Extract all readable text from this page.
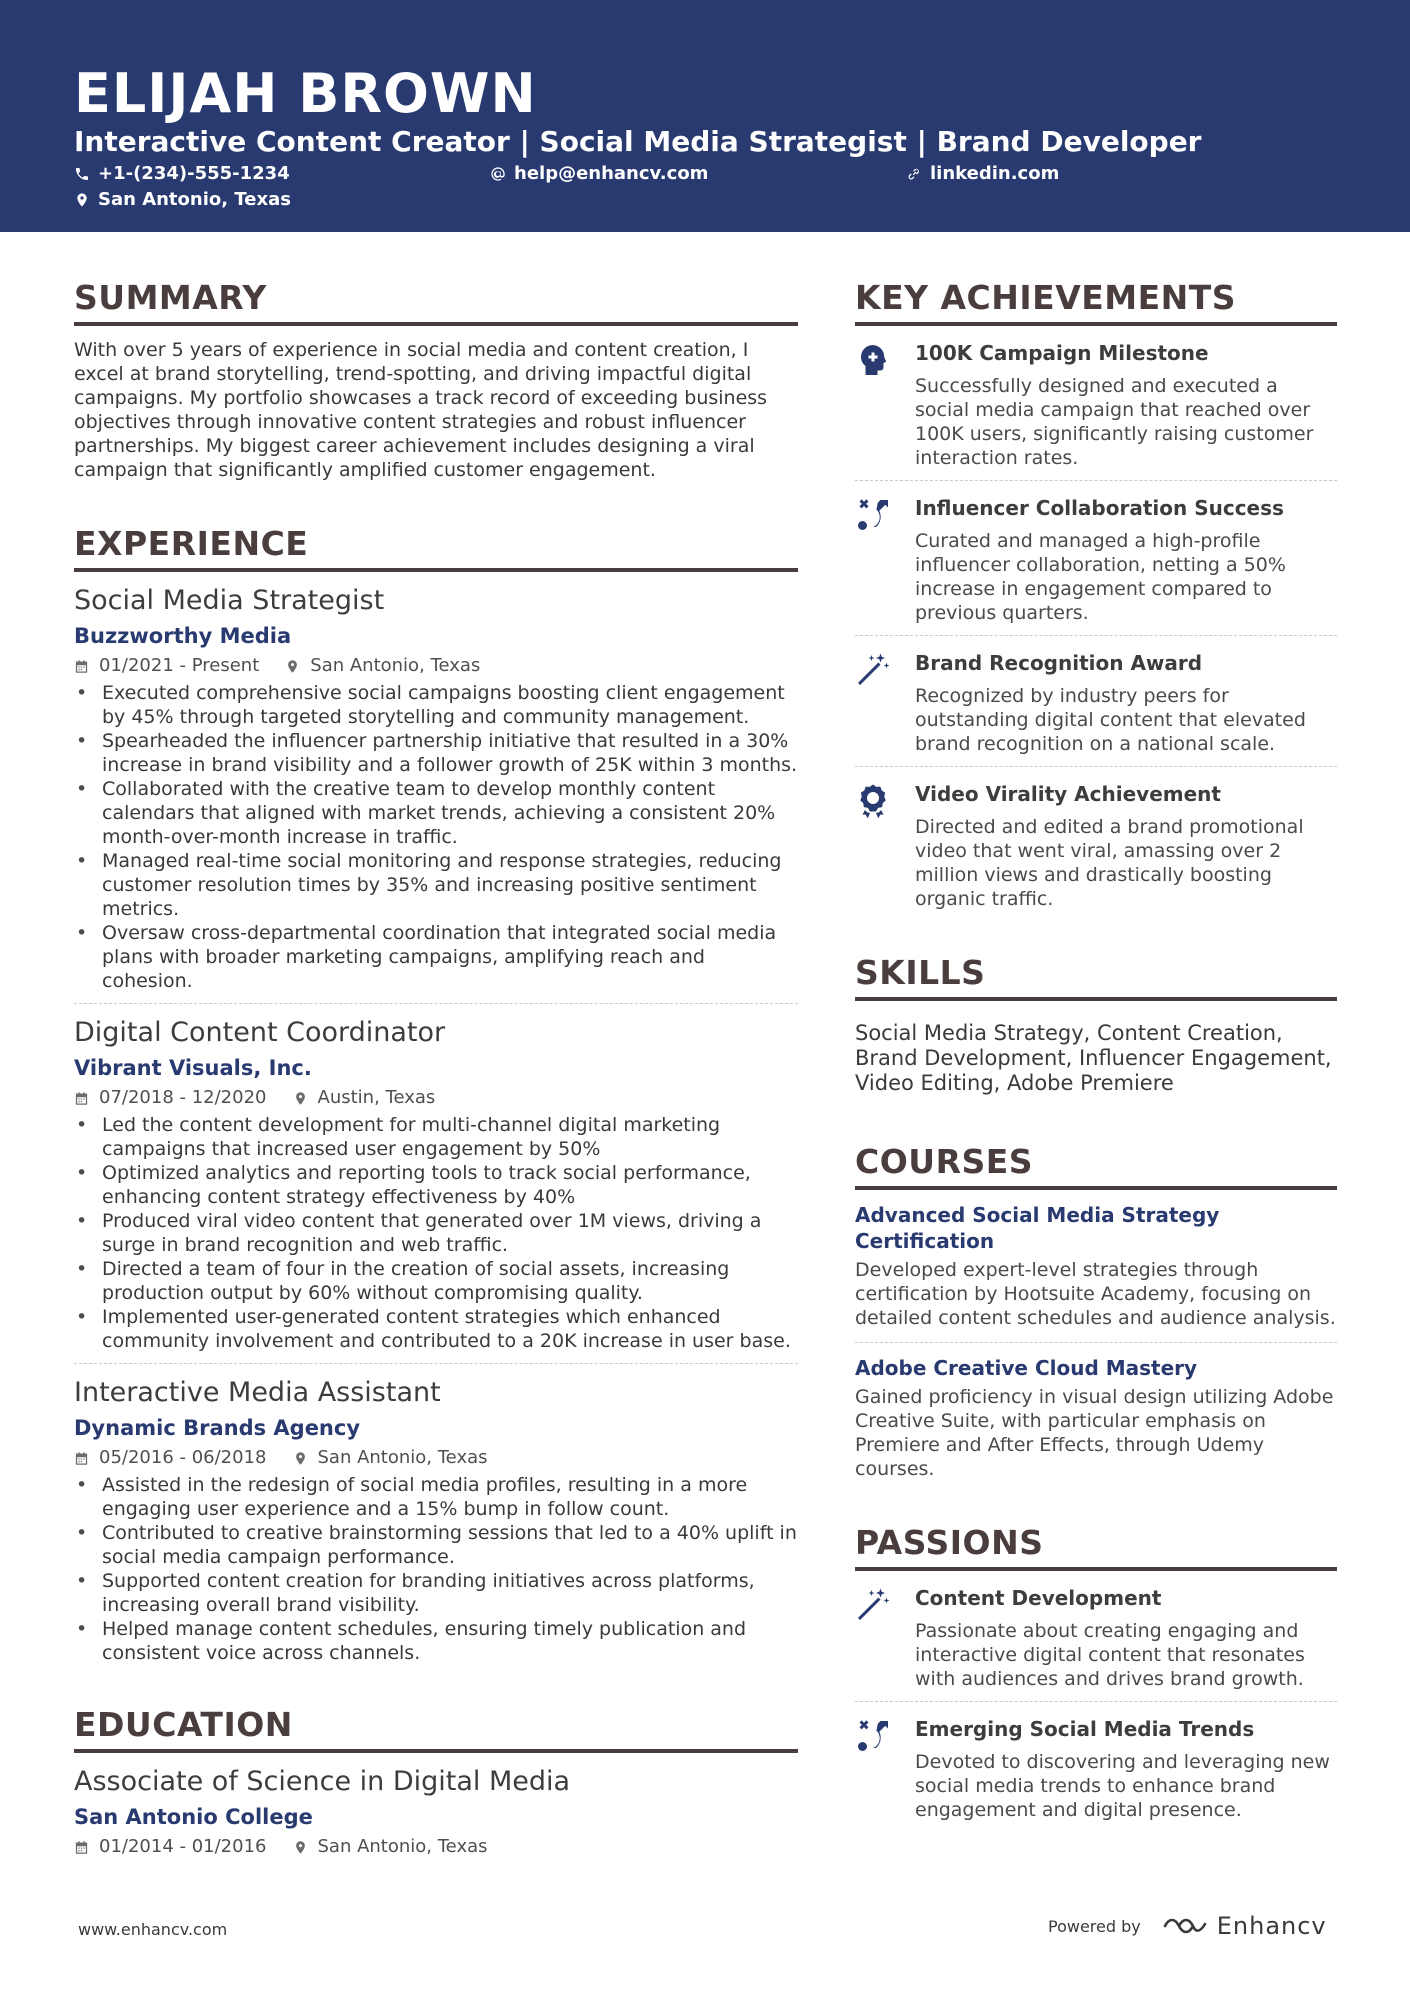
ELIJAH BROWN
Interactive Content Creator | Social Media Strategist | Brand Developer
+1-(234)-555-1234	help@enhancv.com	linkedin.com
San Antonio, Texas
SUMMARY
With over 5 years of experience in social media and content creation, I excel at brand storytelling, trend-spotting, and driving impactful digital campaigns. My portfolio showcases a track record of exceeding business objectives through innovative content strategies and robust influencer partnerships. My biggest career achievement includes designing a viral campaign that significantly amplified customer engagement.
EXPERIENCE
Social Media Strategist
Buzzworthy Media
01/2021 - Present	San Antonio, Texas
• Executed comprehensive social campaigns boosting client engagement by 45% through targeted storytelling and community management.
• Spearheaded the influencer partnership initiative that resulted in a 30% increase in brand visibility and a follower growth of 25K within 3 months.
• Collaborated with the creative team to develop monthly content calendars that aligned with market trends, achieving a consistent 20% month-over-month increase in traffic.
• Managed real-time social monitoring and response strategies, reducing customer resolution times by 35% and increasing positive sentiment metrics.
• Oversaw cross-departmental coordination that integrated social media plans with broader marketing campaigns, amplifying reach and cohesion.
Digital Content Coordinator
Vibrant Visuals, Inc.
07/2018 - 12/2020	Austin, Texas
• Led the content development for multi-channel digital marketing campaigns that increased user engagement by 50%
• Optimized analytics and reporting tools to track social performance, enhancing content strategy effectiveness by 40%
• Produced viral video content that generated over 1M views, driving a surge in brand recognition and web traffic.
• Directed a team of four in the creation of social assets, increasing production output by 60% without compromising quality.
• Implemented user-generated content strategies which enhanced community involvement and contributed to a 20K increase in user base.
Interactive Media Assistant
Dynamic Brands Agency
05/2016 - 06/2018	San Antonio, Texas
• Assisted in the redesign of social media profiles, resulting in a more engaging user experience and a 15% bump in follow count.
• Contributed to creative brainstorming sessions that led to a 40% uplift in social media campaign performance.
• Supported content creation for branding initiatives across platforms, increasing overall brand visibility.
• Helped manage content schedules, ensuring timely publication and consistent voice across channels.
EDUCATION
Associate of Science in Digital Media
San Antonio College
01/2014 - 01/2016	San Antonio, Texas
KEY ACHIEVEMENTS
100K Campaign Milestone
Successfully designed and executed a social media campaign that reached over 100K users, significantly raising customer interaction rates.
Influencer Collaboration Success
Curated and managed a high-profile influencer collaboration, netting a 50% increase in engagement compared to previous quarters.
Brand Recognition Award
Recognized by industry peers for outstanding digital content that elevated brand recognition on a national scale.
Video Virality Achievement
Directed and edited a brand promotional video that went viral, amassing over 2 million views and drastically boosting organic traffic.
SKILLS
Social Media Strategy, Content Creation, Brand Development, Influencer Engagement, Video Editing, Adobe Premiere
COURSES
Advanced Social Media Strategy Certification
Developed expert-level strategies through certification by Hootsuite Academy, focusing on detailed content schedules and audience analysis.
Adobe Creative Cloud Mastery
Gained proficiency in visual design utilizing Adobe Creative Suite, with particular emphasis on Premiere and After Effects, through Udemy courses.
PASSIONS
Content Development
Passionate about creating engaging and interactive digital content that resonates with audiences and drives brand growth.
Emerging Social Media Trends
Devoted to discovering and leveraging new social media trends to enhance brand engagement and digital presence.
www.enhancv.com	Powered by	Enhancv
